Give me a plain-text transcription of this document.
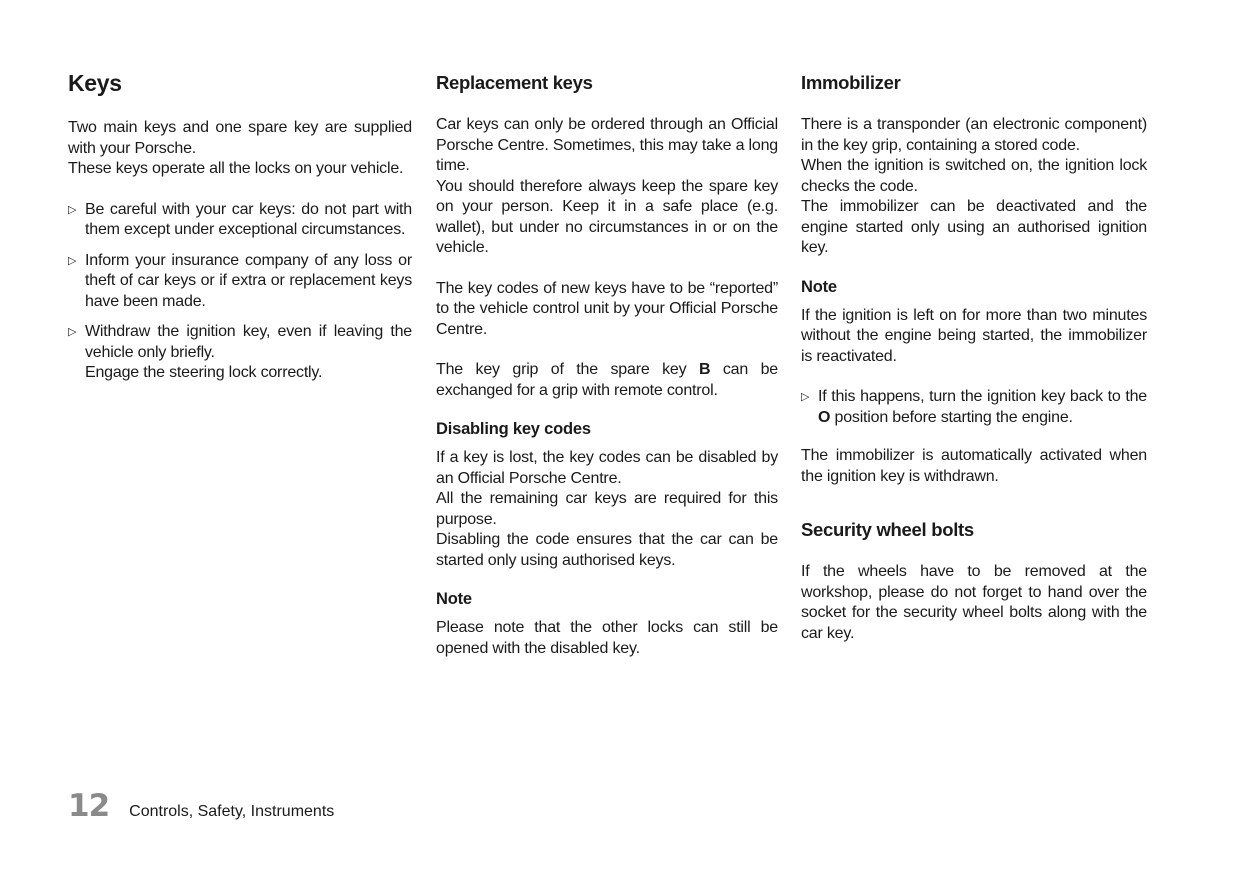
Keys

Two main keys and one spare key are supplied with your Porsche.

These keys operate all the locks on your vehicle.

▷ Be careful with your car keys: do not part with them except under exceptional circumstances.
▷ Inform your insurance company of any loss or theft of car keys or if extra or replacement keys have been made.
▷ Withdraw the ignition key, even if leaving the vehicle only briefly.
Engage the steering lock correctly.
Replacement keys

Car keys can only be ordered through an Official Porsche Centre. Sometimes, this may take a long time.

You should therefore always keep the spare key on your person. Keep it in a safe place (e.g. wallet), but under no circumstances in or on the vehicle.

The key codes of new keys have to be “reported” to the vehicle control unit by your Official Porsche Centre.

The key grip of the spare key B can be exchanged for a grip with remote control.

Disabling key codes

If a key is lost, the key codes can be disabled by an Official Porsche Centre.

All the remaining car keys are required for this purpose.

Disabling the code ensures that the car can be started only using authorised keys.

Note

Please note that the other locks can still be opened with the disabled key.

Immobilizer

There is a transponder (an electronic component) in the key grip, containing a stored code.

When the ignition is switched on, the ignition lock checks the code.

The immobilizer can be deactivated and the engine started only using an authorised ignition key.

Note

If the ignition is left on for more than two minutes without the engine being started, the immobilizer is reactivated.

▷ If this happens, turn the ignition key back to the O position before starting the engine.

The immobilizer is automatically activated when the ignition key is withdrawn.

Security wheel bolts

If the wheels have to be removed at the workshop, please do not forget to hand over the socket for the security wheel bolts along with the car key.

12 Controls, Safety, Instruments
